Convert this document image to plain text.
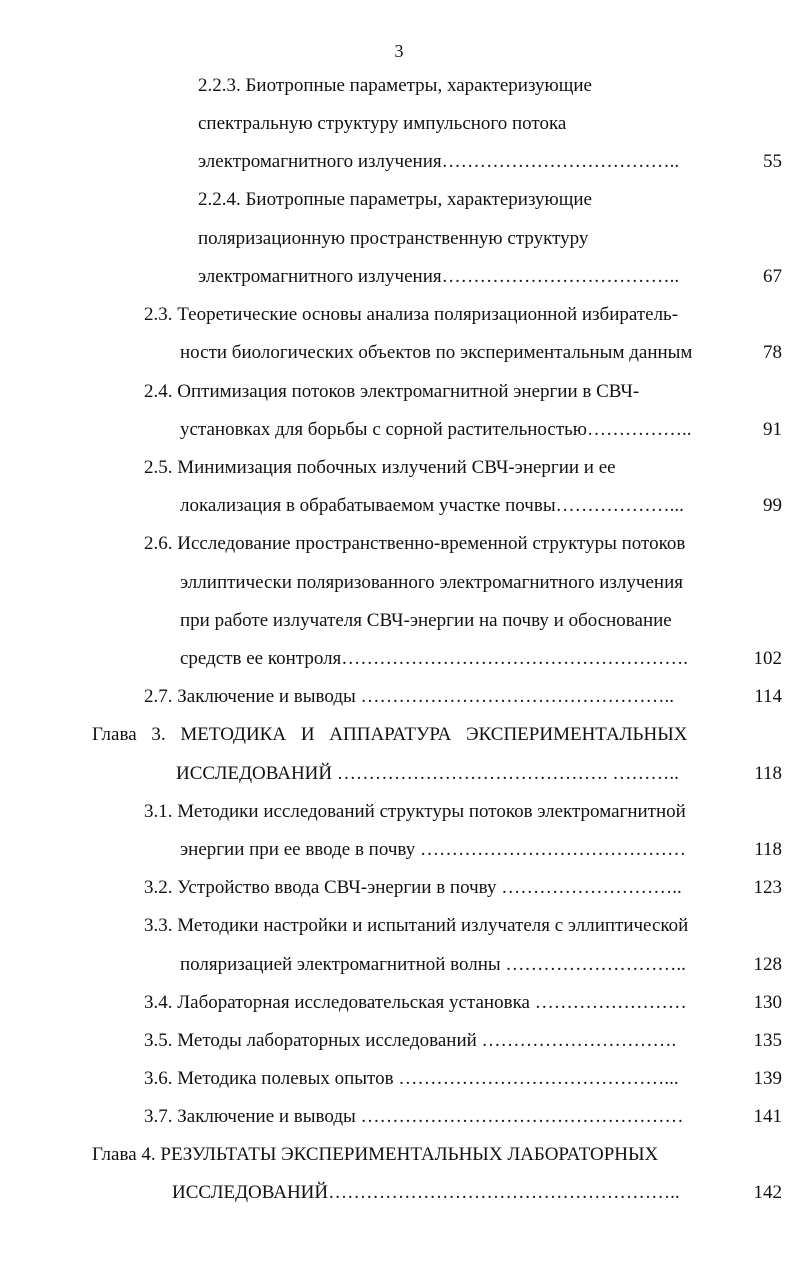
3
2.2.3. Биотропные параметры, характеризующие
спектральную структуру импульсного потока
электромагнитного излучения………………………………..	55
2.2.4. Биотропные параметры, характеризующие
поляризационную пространственную структуру
электромагнитного излучения………………………………..	67
2.3. Теоретические основы анализа поляризационной избиратель-
ности биологических объектов по экспериментальным данным	78
2.4. Оптимизация потоков электромагнитной энергии в СВЧ-
установках для борьбы с сорной растительностью……………..	91
2.5. Минимизация побочных излучений СВЧ-энергии и ее
локализация в обрабатываемом участке почвы………………...	99
2.6. Исследование пространственно-временной структуры потоков
эллиптически поляризованного электромагнитного излучения
при работе излучателя СВЧ-энергии на почву и обоснование
средств ее контроля……………………………………………….	102
2.7. Заключение и выводы …………………………………………..	114
Глава 3. МЕТОДИКА И АППАРАТУРА ЭКСПЕРИМЕНТАЛЬНЫХ
ИССЛЕДОВАНИЙ ……………………………………. ………..	118
3.1. Методики исследований структуры потоков электромагнитной
энергии при ее вводе в почву ……………………………………	118
3.2. Устройство ввода СВЧ-энергии в почву ………………………..	123
3.3. Методики настройки и испытаний излучателя с эллиптической
поляризацией электромагнитной волны ………………………..	128
3.4. Лабораторная исследовательская установка ……………………	130
3.5. Методы лабораторных исследований ………………………….	135
3.6. Методика полевых опытов ……………………………………...	139
3.7. Заключение и выводы ……………………………………………	141
Глава 4. РЕЗУЛЬТАТЫ ЭКСПЕРИМЕНТАЛЬНЫХ ЛАБОРАТОРНЫХ
ИССЛЕДОВАНИЙ………………………………………………..	142
